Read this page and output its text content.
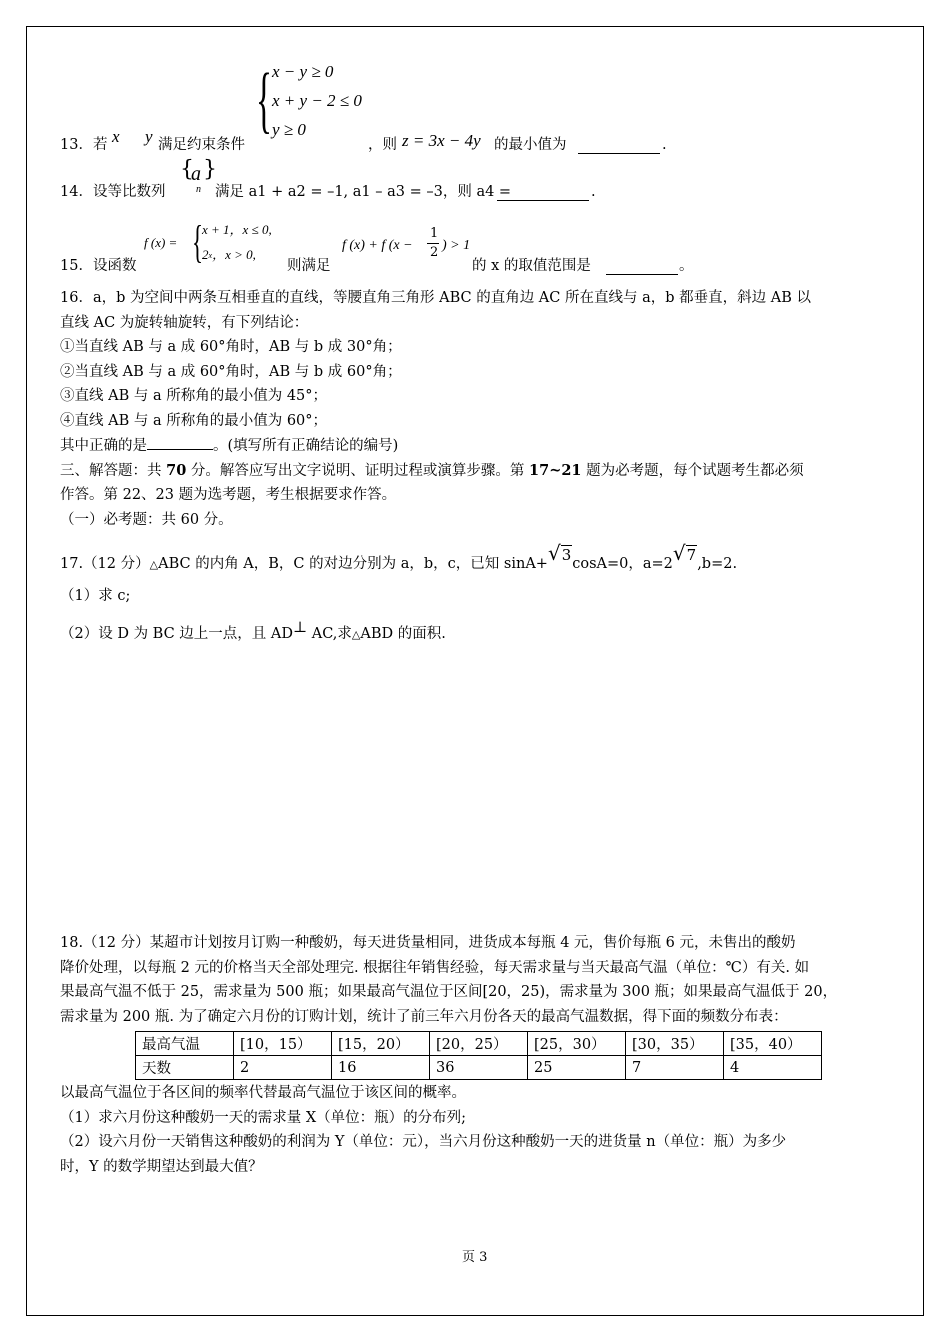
{ x − y ≥ 0
x + y − 2 ≤ 0
y ≥ 0
13．若 x y 满足约束条件	，则 z = 3x − 4y 的最小值为	.
14．设等比数列
{
a }
n 满足 a1 + a2 = –1, a1 – a3 = –3，则 a4 =	.
f (x) = {
x + 1，x ≤ 0,
2x，x > 0,
15．设函数	则满足
f (x) + f (x −
1
2 ) > 1
的 x 的取值范围是	。

16．a，b 为空间中两条互相垂直的直线，等腰直角三角形 ABC 的直角边 AC 所在直线与 a，b 都垂直，斜边 AB 以

直线 AC 为旋转轴旋转，有下列结论：

①当直线 AB 与 a 成 60°角时，AB 与 b 成 30°角；

②当直线 AB 与 a 成 60°角时，AB 与 b 成 60°角；

③直线 AB 与 a 所称角的最小值为 45°；

④直线 AB 与 a 所称角的最小值为 60°；

其中正确的是	。(填写所有正确结论的编号)

三、解答题：共 70 分。解答应写出文字说明、证明过程或演算步骤。第 17~21 题为必考题，每个试题考生都必须

作答。第 22、23 题为选考题，考生根据要求作答。

（一）必考题：共 60 分。

17.（12 分）△ABC 的内角 A，B，C 的对边分别为 a，b，c，已知 sinA+√3cosA=0，a=2√7,b=2.
（1）求 c;
（2）设 D 为 BC 边上一点，且 AD⊥ AC,求△ABD 的面积.

18.（12 分）某超市计划按月订购一种酸奶，每天进货量相同，进货成本每瓶 4 元，售价每瓶 6 元，未售出的酸奶

降价处理，以每瓶 2 元的价格当天全部处理完. 根据往年销售经验，每天需求量与当天最高气温（单位：℃）有关. 如

果最高气温不低于 25，需求量为 500 瓶；如果最高气温位于区间[20，25)，需求量为 300 瓶；如果最高气温低于 20，

需求量为 200 瓶. 为了确定六月份的订购计划，统计了前三年六月份各天的最高气温数据，得下面的频数分布表：

最高气温	[10，15）	[15，20）	[20，25）	[25，30）	[30，35）	[35，40）
天数	2	16	36	25	7	4

以最高气温位于各区间的频率代替最高气温位于该区间的概率。

（1）求六月份这种酸奶一天的需求量 X（单位：瓶）的分布列;

（2）设六月份一天销售这种酸奶的利润为 Y（单位：元），当六月份这种酸奶一天的进货量 n（单位：瓶）为多少

时，Y 的数学期望达到最大值？

页 3
